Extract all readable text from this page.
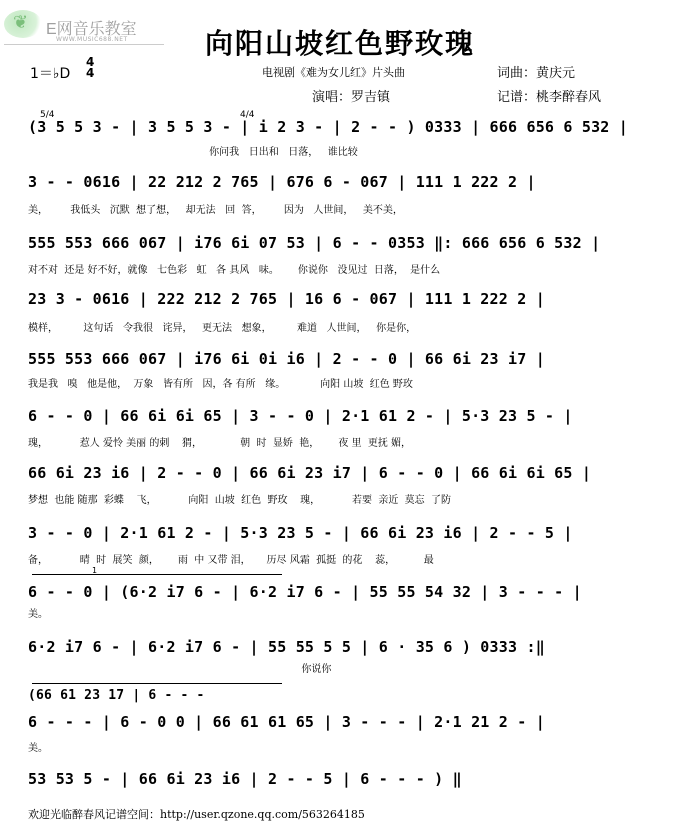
❦ E网音乐教室
WWW.MUSIC688.NET	向阳山坡红色野玫瑰
1＝♭D
4
4	电视剧《难为女儿红》片头曲	词曲：黄庆元
演唱：罗吉镇	记谱：桃李醉春风
5/4	4/4
(3 5 5 3 - | 3 5 5 3 - | i 2 3 - | 2 - - ) 0333 | 666 656 6 532 |
你问我   日出和   日落，   谁比较
3 - - 0616 | 22 212 2 765 | 676 6 - 067 | 111 1 222 2 |
美，       我低头   沉默  想了想，   却无法   回  答，       因为   人世间，   美不美，
555 553 666 067 | i76 6i 07 53 | 6 - - 0353 ‖: 666 656 6 532 |
对不对  还是 好不好，就像   七色彩   虹   各 具风   味。      你说你   没见过  日落，  是什么
23 3 - 0616 | 222 212 2 765 | 16 6 - 067 | 111 1 222 2 |
模样，        这句话   令我很   诧异，   更无法   想象，        难道   人世间，   你是你，
555 553 666 067 | i76 6i 0i i6 | 2 - - 0 | 66 6i 23 i7 |
我是我   嗅   他是他，  万象   皆有所   因，各 有所   缘。           向阳 山坡  红色 野玫
6 - - 0 | 66 6i 6i 65 | 3 - - 0 | 2·1 61 2 - | 5·3 23 5 - |
瑰，          惹人 爱怜 美丽 的刺    猬，            朝  时  显娇  艳，      夜 里  更抚 媚，
66 6i 23 i6 | 2 - - 0 | 66 6i 23 i7 | 6 - - 0 | 66 6i 6i 65 |
梦想  也能 随那  彩蝶    飞，          向阳  山坡  红色  野玫    瑰，          若要  亲近  莫忘  了防
3 - - 0 | 2·1 61 2 - | 5·3 23 5 - | 66 6i 23 i6 | 2 - - 5 |
备，          晴  时  展笑  颜，      雨  中 又带 泪，     历尽 风霜  孤挺  的花    蕊，         最
1
6 - - 0 | (6·2 i7 6 - | 6·2 i7 6 - | 55 55 54 32 | 3 - - - |
美。
6·2 i7 6 - | 6·2 i7 6 - | 55 55 5 5 | 6 · 35 6 ) 0333 :‖
你说你
(66 61 23 17 | 6 - - -
6 - - - | 6 - 0 0 | 66 61 61 65 | 3 - - - | 2·1 21 2 - |
美。
53 53 5 - | 66 6i 23 i6 | 2 - - 5 | 6 - - - ) ‖
欢迎光临醉春风记谱空间：http://user.qzone.qq.com/563264185
